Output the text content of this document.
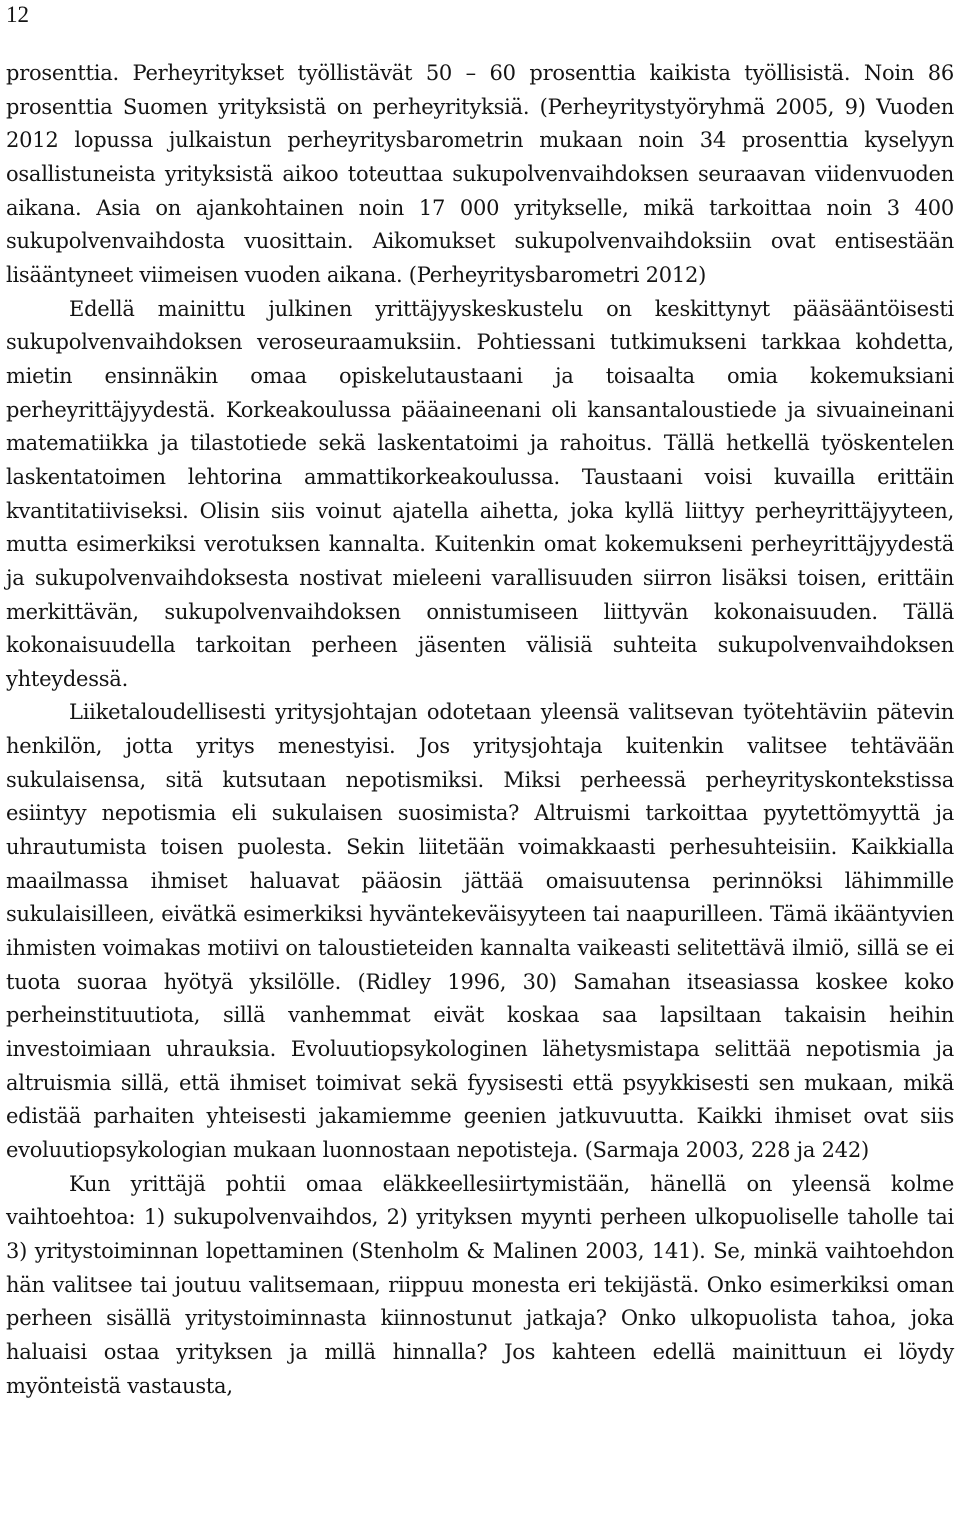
12

prosenttia. Perheyritykset työllistävät 50 – 60 prosenttia kaikista työllisistä. Noin 86 prosenttia Suomen yrityksistä on perheyrityksiä. (Perheyritystyöryhmä 2005, 9) Vuoden 2012 lopussa julkaistun perheyritysbarometrin mukaan noin 34 prosenttia kyselyyn osallistuneista yrityksistä aikoo toteuttaa sukupolvenvaihdoksen seuraavan viidenvuoden aikana. Asia on ajankohtainen noin 17 000 yritykselle, mikä tarkoittaa noin 3 400 sukupolvenvaihdosta vuosittain. Aikomukset sukupolvenvaihdoksiin ovat entisestään lisääntyneet viimeisen vuoden aikana. (Perheyritysbarometri 2012)

Edellä mainittu julkinen yrittäjyyskeskustelu on keskittynyt pääsääntöisesti sukupolvenvaihdoksen veroseuraamuksiin. Pohtiessani tutkimukseni tarkkaa kohdetta, mietin ensinnäkin omaa opiskelutaustaani ja toisaalta omia kokemuksiani perheyrittäjyydestä. Korkeakoulussa pääaineenani oli kansantaloustiede ja sivuaineinani matematiikka ja tilastotiede sekä laskentatoimi ja rahoitus. Tällä hetkellä työskentelen laskentatoimen lehtorina ammattikorkeakoulussa. Taustaani voisi kuvailla erittäin kvantitatiiviseksi. Olisin siis voinut ajatella aihetta, joka kyllä liittyy perheyrittäjyyteen, mutta esimerkiksi verotuksen kannalta. Kuitenkin omat kokemukseni perheyrittäjyydestä ja sukupolvenvaihdoksesta nostivat mieleeni varallisuuden siirron lisäksi toisen, erittäin merkittävän, sukupolvenvaihdoksen onnistumiseen liittyvän kokonaisuuden. Tällä kokonaisuudella tarkoitan perheen jäsenten välisiä suhteita sukupolvenvaihdoksen yhteydessä.

Liiketaloudellisesti yritysjohtajan odotetaan yleensä valitsevan työtehtäviin pätevin henkilön, jotta yritys menestyisi. Jos yritysjohtaja kuitenkin valitsee tehtävään sukulaisensa, sitä kutsutaan nepotismiksi. Miksi perheessä perheyrityskontekstissa esiintyy nepotismia eli sukulaisen suosimista? Altruismi tarkoittaa pyytettömyyttä ja uhrautumista toisen puolesta. Sekin liitetään voimakkaasti perhesuhteisiin. Kaikkialla maailmassa ihmiset haluavat pääosin jättää omaisuutensa perinnöksi lähimmille sukulaisilleen, eivätkä esimerkiksi hyväntekeväisyyteen tai naapurilleen. Tämä ikääntyvien ihmisten voimakas motiivi on taloustieteiden kannalta vaikeasti selitettävä ilmiö, sillä se ei tuota suoraa hyötyä yksilölle. (Ridley 1996, 30) Samahan itseasiassa koskee koko perheinstituutiota, sillä vanhemmat eivät koskaa saa lapsiltaan takaisin heihin investoimiaan uhrauksia. Evoluutiopsykologinen lähetysmistapa selittää nepotismia ja altruismia sillä, että ihmiset toimivat sekä fyysisesti että psyykkisesti sen mukaan, mikä edistää parhaiten yhteisesti jakamiemme geenien jatkuvuutta. Kaikki ihmiset ovat siis evoluutiopsykologian mukaan luonnostaan nepotisteja. (Sarmaja 2003, 228 ja 242)

Kun yrittäjä pohtii omaa eläkkeellesiirtymistään, hänellä on yleensä kolme vaihtoehtoa: 1) sukupolvenvaihdos, 2) yrityksen myynti perheen ulkopuoliselle taholle tai 3) yritystoiminnan lopettaminen (Stenholm & Malinen 2003, 141). Se, minkä vaihtoehdon hän valitsee tai joutuu valitsemaan, riippuu monesta eri tekijästä. Onko esimerkiksi oman perheen sisällä yritystoiminnasta kiinnostunut jatkaja? Onko ulkopuolista tahoa, joka haluaisi ostaa yrityksen ja millä hinnalla? Jos kahteen edellä mainittuun ei löydy myönteistä vastausta,
